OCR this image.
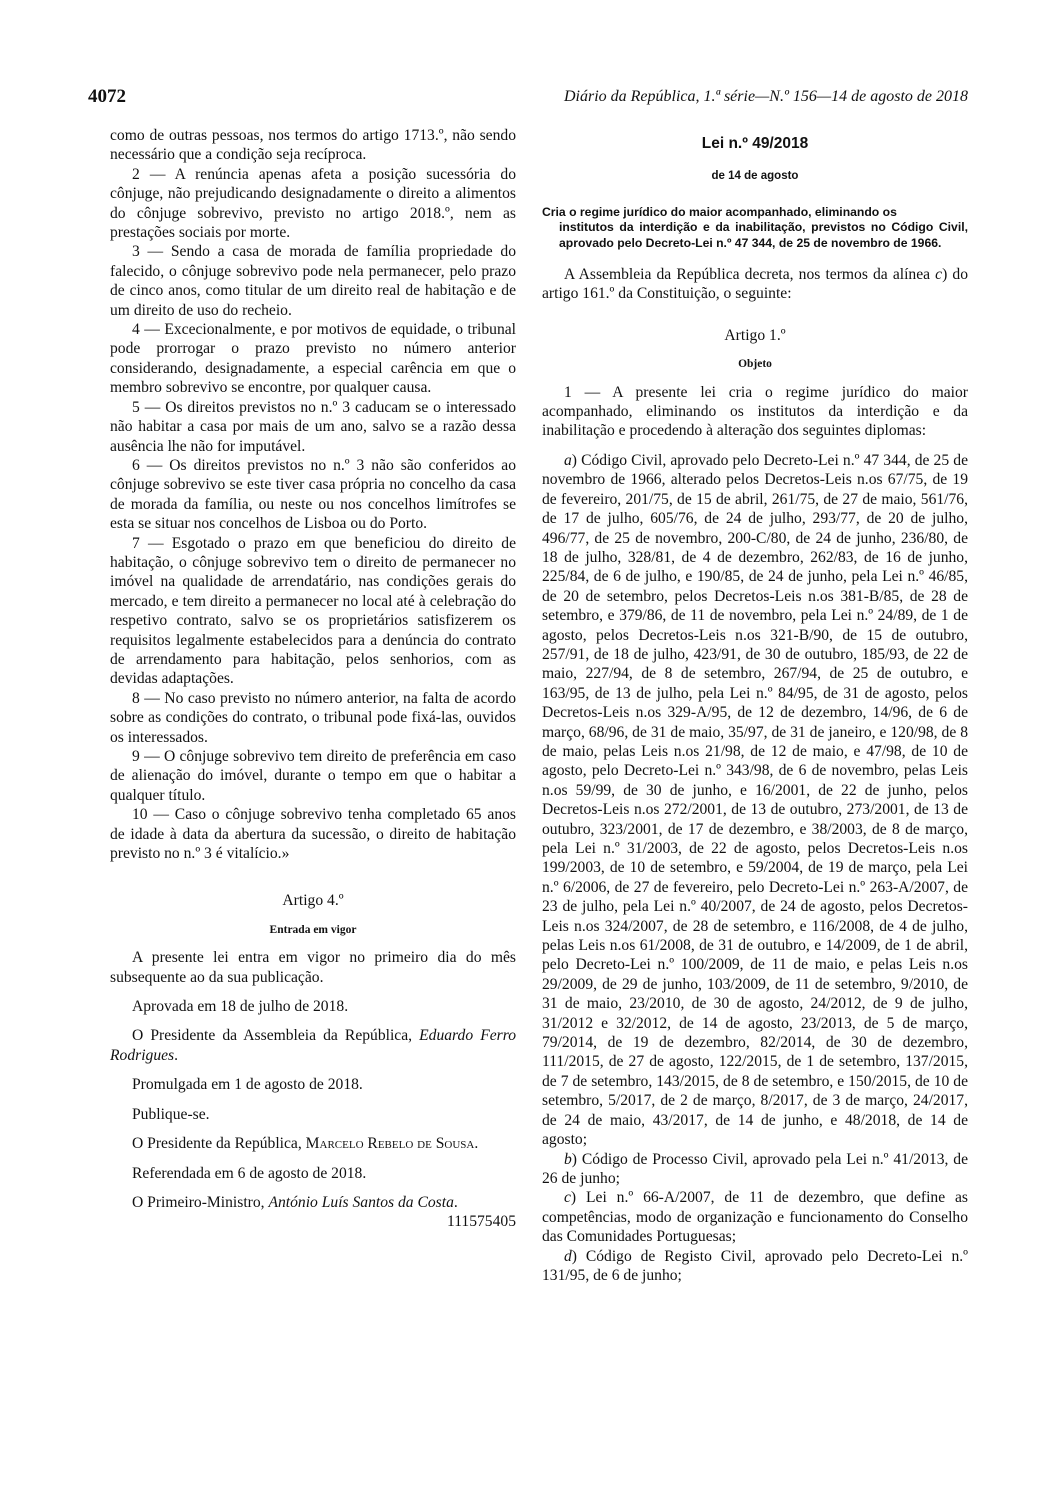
4072	Diário da República, 1.ª série—N.º 156—14 de agosto de 2018

como de outras pessoas, nos termos do artigo 1713.º, não sendo necessário que a condição seja recíproca.

2 — A renúncia apenas afeta a posição sucessória do cônjuge, não prejudicando designadamente o direito a alimentos do cônjuge sobrevivo, previsto no artigo 2018.º, nem as prestações sociais por morte.

3 — Sendo a casa de morada de família propriedade do falecido, o cônjuge sobrevivo pode nela permanecer, pelo prazo de cinco anos, como titular de um direito real de habitação e de um direito de uso do recheio.

4 — Excecionalmente, e por motivos de equidade, o tribunal pode prorrogar o prazo previsto no número anterior considerando, designadamente, a especial carência em que o membro sobrevivo se encontre, por qualquer causa.

5 — Os direitos previstos no n.º 3 caducam se o interessado não habitar a casa por mais de um ano, salvo se a razão dessa ausência lhe não for imputável.

6 — Os direitos previstos no n.º 3 não são conferidos ao cônjuge sobrevivo se este tiver casa própria no concelho da casa de morada da família, ou neste ou nos concelhos limítrofes se esta se situar nos concelhos de Lisboa ou do Porto.

7 — Esgotado o prazo em que beneficiou do direito de habitação, o cônjuge sobrevivo tem o direito de permanecer no imóvel na qualidade de arrendatário, nas condições gerais do mercado, e tem direito a permanecer no local até à celebração do respetivo contrato, salvo se os proprietários satisfizerem os requisitos legalmente estabelecidos para a denúncia do contrato de arrendamento para habitação, pelos senhorios, com as devidas adaptações.

8 — No caso previsto no número anterior, na falta de acordo sobre as condições do contrato, o tribunal pode fixá-las, ouvidos os interessados.

9 — O cônjuge sobrevivo tem direito de preferência em caso de alienação do imóvel, durante o tempo em que o habitar a qualquer título.

10 — Caso o cônjuge sobrevivo tenha completado 65 anos de idade à data da abertura da sucessão, o direito de habitação previsto no n.º 3 é vitalício.»

Artigo 4.º

Entrada em vigor

A presente lei entra em vigor no primeiro dia do mês subsequente ao da sua publicação.

Aprovada em 18 de julho de 2018.

O Presidente da Assembleia da República, Eduardo Ferro Rodrigues.

Promulgada em 1 de agosto de 2018.

Publique-se.

O Presidente da República, Marcelo Rebelo de Sousa.

Referendada em 6 de agosto de 2018.

O Primeiro-Ministro, António Luís Santos da Costa.

111575405

Lei n.º 49/2018

de 14 de agosto

Cria o regime jurídico do maior acompanhado, eliminando os

institutos da interdição e da inabilitação, previstos no Código Civil, aprovado pelo Decreto-Lei n.º 47 344, de 25 de novembro de 1966.

A Assembleia da República decreta, nos termos da alínea c) do artigo 161.º da Constituição, o seguinte:

Artigo 1.º

Objeto

1 — A presente lei cria o regime jurídico do maior acompanhado, eliminando os institutos da interdição e da inabilitação e procedendo à alteração dos seguintes diplomas:

a) Código Civil, aprovado pelo Decreto-Lei n.º 47 344, de 25 de novembro de 1966, alterado pelos Decretos-Leis n.os 67/75, de 19 de fevereiro, 201/75, de 15 de abril, 261/75, de 27 de maio, 561/76, de 17 de julho, 605/76, de 24 de julho, 293/77, de 20 de julho, 496/77, de 25 de novembro, 200-C/80, de 24 de junho, 236/80, de 18 de julho, 328/81, de 4 de dezembro, 262/83, de 16 de junho, 225/84, de 6 de julho, e 190/85, de 24 de junho, pela Lei n.º 46/85, de 20 de setembro, pelos Decretos-Leis n.os 381-B/85, de 28 de setembro, e 379/86, de 11 de novembro, pela Lei n.º 24/89, de 1 de agosto, pelos Decretos-Leis n.os 321-B/90, de 15 de outubro, 257/91, de 18 de julho, 423/91, de 30 de outubro, 185/93, de 22 de maio, 227/94, de 8 de setembro, 267/94, de 25 de outubro, e 163/95, de 13 de julho, pela Lei n.º 84/95, de 31 de agosto, pelos Decretos-Leis n.os 329-A/95, de 12 de dezembro, 14/96, de 6 de março, 68/96, de 31 de maio, 35/97, de 31 de janeiro, e 120/98, de 8 de maio, pelas Leis n.os 21/98, de 12 de maio, e 47/98, de 10 de agosto, pelo Decreto-Lei n.º 343/98, de 6 de novembro, pelas Leis n.os 59/99, de 30 de junho, e 16/2001, de 22 de junho, pelos Decretos-Leis n.os 272/2001, de 13 de outubro, 273/2001, de 13 de outubro, 323/2001, de 17 de dezembro, e 38/2003, de 8 de março, pela Lei n.º 31/2003, de 22 de agosto, pelos Decretos-Leis n.os 199/2003, de 10 de setembro, e 59/2004, de 19 de março, pela Lei n.º 6/2006, de 27 de fevereiro, pelo Decreto-Lei n.º 263-A/2007, de 23 de julho, pela Lei n.º 40/2007, de 24 de agosto, pelos Decretos-Leis n.os 324/2007, de 28 de setembro, e 116/2008, de 4 de julho, pelas Leis n.os 61/2008, de 31 de outubro, e 14/2009, de 1 de abril, pelo Decreto-Lei n.º 100/2009, de 11 de maio, e pelas Leis n.os 29/2009, de 29 de junho, 103/2009, de 11 de setembro, 9/2010, de 31 de maio, 23/2010, de 30 de agosto, 24/2012, de 9 de julho, 31/2012 e 32/2012, de 14 de agosto, 23/2013, de 5 de março, 79/2014, de 19 de dezembro, 82/2014, de 30 de dezembro, 111/2015, de 27 de agosto, 122/2015, de 1 de setembro, 137/2015, de 7 de setembro, 143/2015, de 8 de setembro, e 150/2015, de 10 de setembro, 5/2017, de 2 de março, 8/2017, de 3 de março, 24/2017, de 24 de maio, 43/2017, de 14 de junho, e 48/2018, de 14 de agosto;

b) Código de Processo Civil, aprovado pela Lei n.º 41/2013, de 26 de junho;

c) Lei n.º 66-A/2007, de 11 de dezembro, que define as competências, modo de organização e funcionamento do Conselho das Comunidades Portuguesas;

d) Código de Registo Civil, aprovado pelo Decreto-Lei n.º 131/95, de 6 de junho;
